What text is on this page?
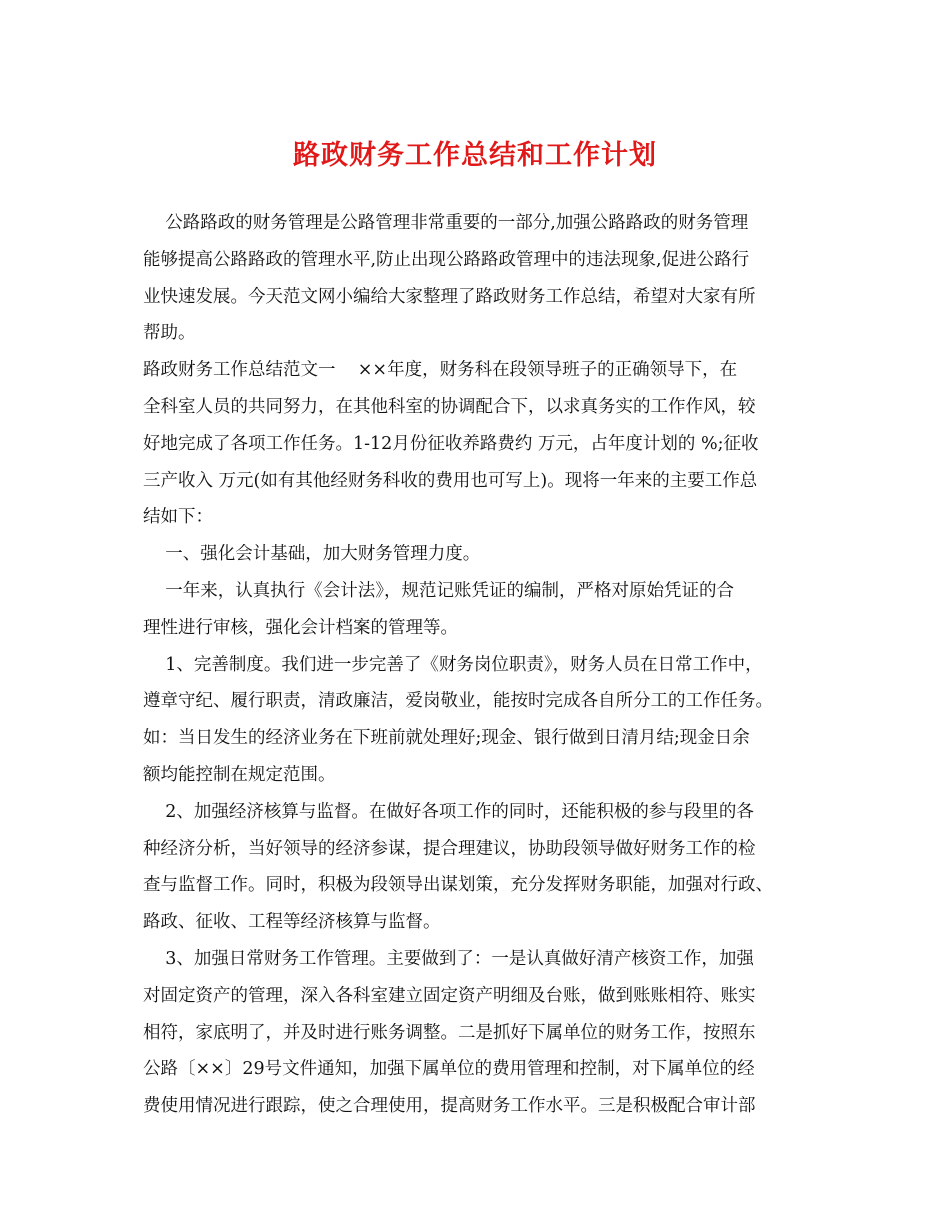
路政财务工作总结和工作计划
公路路政的财务管理是公路管理非常重要的一部分,加强公路路政的财务管理
能够提高公路路政的管理水平,防止出现公路路政管理中的违法现象,促进公路行
业快速发展。今天范文网小编给大家整理了路政财务工作总结，希望对大家有所
帮助。
路政财务工作总结范文一    ××年度，财务科在段领导班子的正确领导下，在
全科室人员的共同努力，在其他科室的协调配合下，以求真务实的工作作风，较
好地完成了各项工作任务。1-12月份征收养路费约 万元，占年度计划的 %;征收
三产收入 万元(如有其他经财务科收的费用也可写上)。现将一年来的主要工作总
结如下：
一、强化会计基础，加大财务管理力度。
一年来，认真执行《会计法》，规范记账凭证的编制，严格对原始凭证的合
理性进行审核，强化会计档案的管理等。
1、完善制度。我们进一步完善了《财务岗位职责》，财务人员在日常工作中，
遵章守纪、履行职责，清政廉洁，爱岗敬业，能按时完成各自所分工的工作任务。
如：当日发生的经济业务在下班前就处理好;现金、银行做到日清月结;现金日余
额均能控制在规定范围。
2、加强经济核算与监督。在做好各项工作的同时，还能积极的参与段里的各
种经济分析，当好领导的经济参谋，提合理建议，协助段领导做好财务工作的检
查与监督工作。同时，积极为段领导出谋划策，充分发挥财务职能，加强对行政、
路政、征收、工程等经济核算与监督。
3、加强日常财务工作管理。主要做到了：一是认真做好清产核资工作，加强
对固定资产的管理，深入各科室建立固定资产明细及台账，做到账账相符、账实
相符，家底明了，并及时进行账务调整。二是抓好下属单位的财务工作，按照东
公路〔××〕29号文件通知，加强下属单位的费用管理和控制，对下属单位的经
费使用情况进行跟踪，使之合理使用，提高财务工作水平。三是积极配合审计部
